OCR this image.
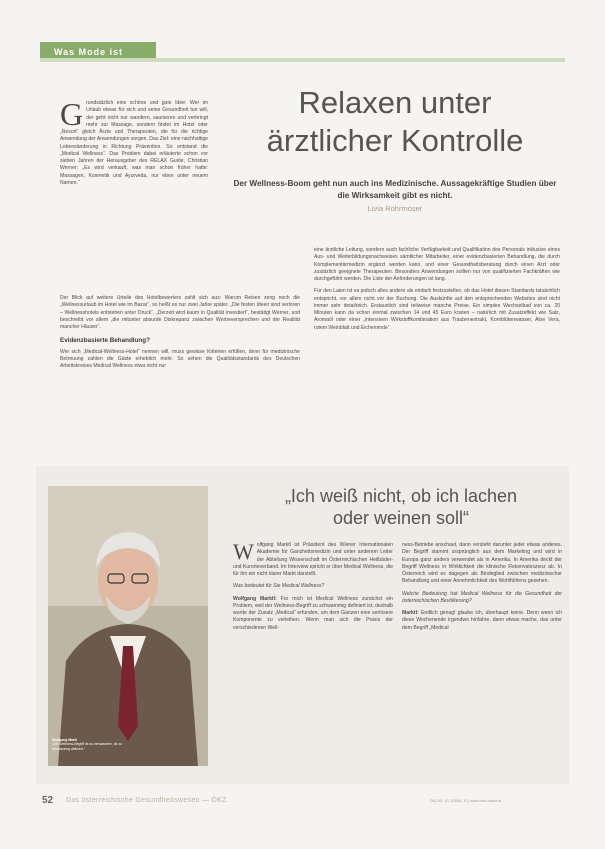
Was Mode ist
Relaxen unter
ärztlicher Kontrolle
Der Wellness-Boom geht nun auch ins Medizinische. Aussagekräftige Studien über die Wirksamkeit gibt es nicht.
Livia Rohrmoser

Grundsätzlich eine schöne und gute Idee: Wer im Urlaub etwas für sich und seine Gesundheit tun will, der geht nicht nur wandern, saunieren und verbringt mehr zur Massage, sondern findet im Hotel oder „Resort“ gleich Ärzte und Therapeuten, die für die richtige Anwendung der Anwendungen sorgen. Das Ziel: eine nachhaltige Lebensänderung in Richtung Prävention. So entstand die „Medical Wellness“. Das Problem dabei erläuterte schon vor sieben Jahren der Herausgeber des RELAX Guide, Christian Werner: „Es wird verkauft, was man schon früher hatte: Massagen, Kosmetik und Ayurveda, nur eben unter neuem Namen.“

Der Blick auf weitere Urteile des Hotelbewerters zahlt sich aus: Warum Reisen zeng noch die „Wellnessurlaub im Hotel wie im Bazar“, so heißt es nur zwei Jahre später. „Die festen Ideen sind verloren – Wellnesshotels entstehen unter Druck“. „Derzeit wird kaum in Qualität investiert“, bestätigt Werner, und beschreibt vor allem „die mitunter absurde Diskrepanz zwischen Werbeversprechen und der Realität mancher Häuser“.

Evidenzbasierte Behandlung?

Wer sich „Medical-Wellness-Hotel“ nennen will, muss gewisse Kriterien erfüllen, denn für medizinische Betreuung zahlen die Gäste erheblich mehr. So sehen die Qualitätsstandards des Deutschen Arbeitskreises Medical Wellness etwa nicht nur

eine ärztliche Leitung, sondern auch fachliche Verfügbarkeit und Qualifikation des Personals inklusive eines Aus- und Weiterbildungsnachweises sämtlicher Mitarbeiter, einer evidenzbasierten Behandlung, die durch Komplementärmedizin ergänzt werden kann, und einer Gesundheitsberatung durch einen Arzt oder zusätzlich geeignete Therapeuten. Besonders Anwendungen sollten nur von qualifizierten Fachkräften wie durchgeführt werden. Die Liste der Anforderungen ist lang.

Für den Laien ist es jedoch alles andere als einfach festzustellen, ob das Hotel diesen Standards tatsächlich entspricht, vor allem nicht vor der Buchung. Die Auskünfte auf den entsprechenden Websites sind nicht immer sehr detailreich. Erstaunlich sind teilweise manche Preise. Ein simples Wechselbad von ca. 20 Minuten kann da schon einmal zwischen 14 und 45 Euro kosten – natürlich mit Zusatzeffekt wie Salz, Aromaöl oder einer „intensiven Wirkstoffkombination aus Traubenextrakt, Kornblütenwasser, Aloe Vera, rotem Weinblatt und Eichenrinde“.

Wolfgang Markl
„Der Wellness-Begriff ist zu verwaschen, ist zu schwammig definiert.“
„Ich weiß nicht, ob ich lachen
oder weinen soll“

Wolfgang Marktl ist Präsident des Wiener Internationalen Akademie für Ganzheitsmedizin und unter anderem Leiter der Abteilung Wissenschaft im Österreichischen Heilbäder- und Kurorteverband. Im Interview spricht er über Medical Wellness, die für ihn ein nicht klarer Markt darstellt.

Was bedeutet für Sie Medical Wellness?

Wolfgang Marktl: Für mich ist Medical Wellness zunächst ein Problem, weil der Wellness-Begriff zu schwammig definiert ist, deshalb wurde der Zusatz „Medical“ erfunden, um dem Ganzen eine seriösere Komponente zu verleihen. Wenn man sich die Praxis der verschiedenen Well-

ness-Betriebe anschaut, dann versteht darunter jeder etwas anderes. Der Begriff stammt ursprünglich aus dem Marketing und wird in Europa ganz anders verwendet als in Amerika. In Amerika deckt der Begriff Wellness in Wirklichkeit die klinische Rekonvaleszenz ab. In Österreich wird es dagegen als Bindeglied zwischen medizinischer Behandlung und einer Annehmlichkeit des Wohlfühlens gesehen.

Welche Bedeutung hat Medical Wellness für die Gesundheit der österreichischen Bevölkerung?

Marktl: Endlich genug! glaube ich, überhaupt keine. Denn wenn ich diese Wochenende irgendwo hinfahre, dann etwas mache, das unter dem Begriff „Medical

52 Das österreichische Gesundheitswesen — ÖKZ	ÖKZ 49. JG. (2008), 10 | www.oekz-online.at
